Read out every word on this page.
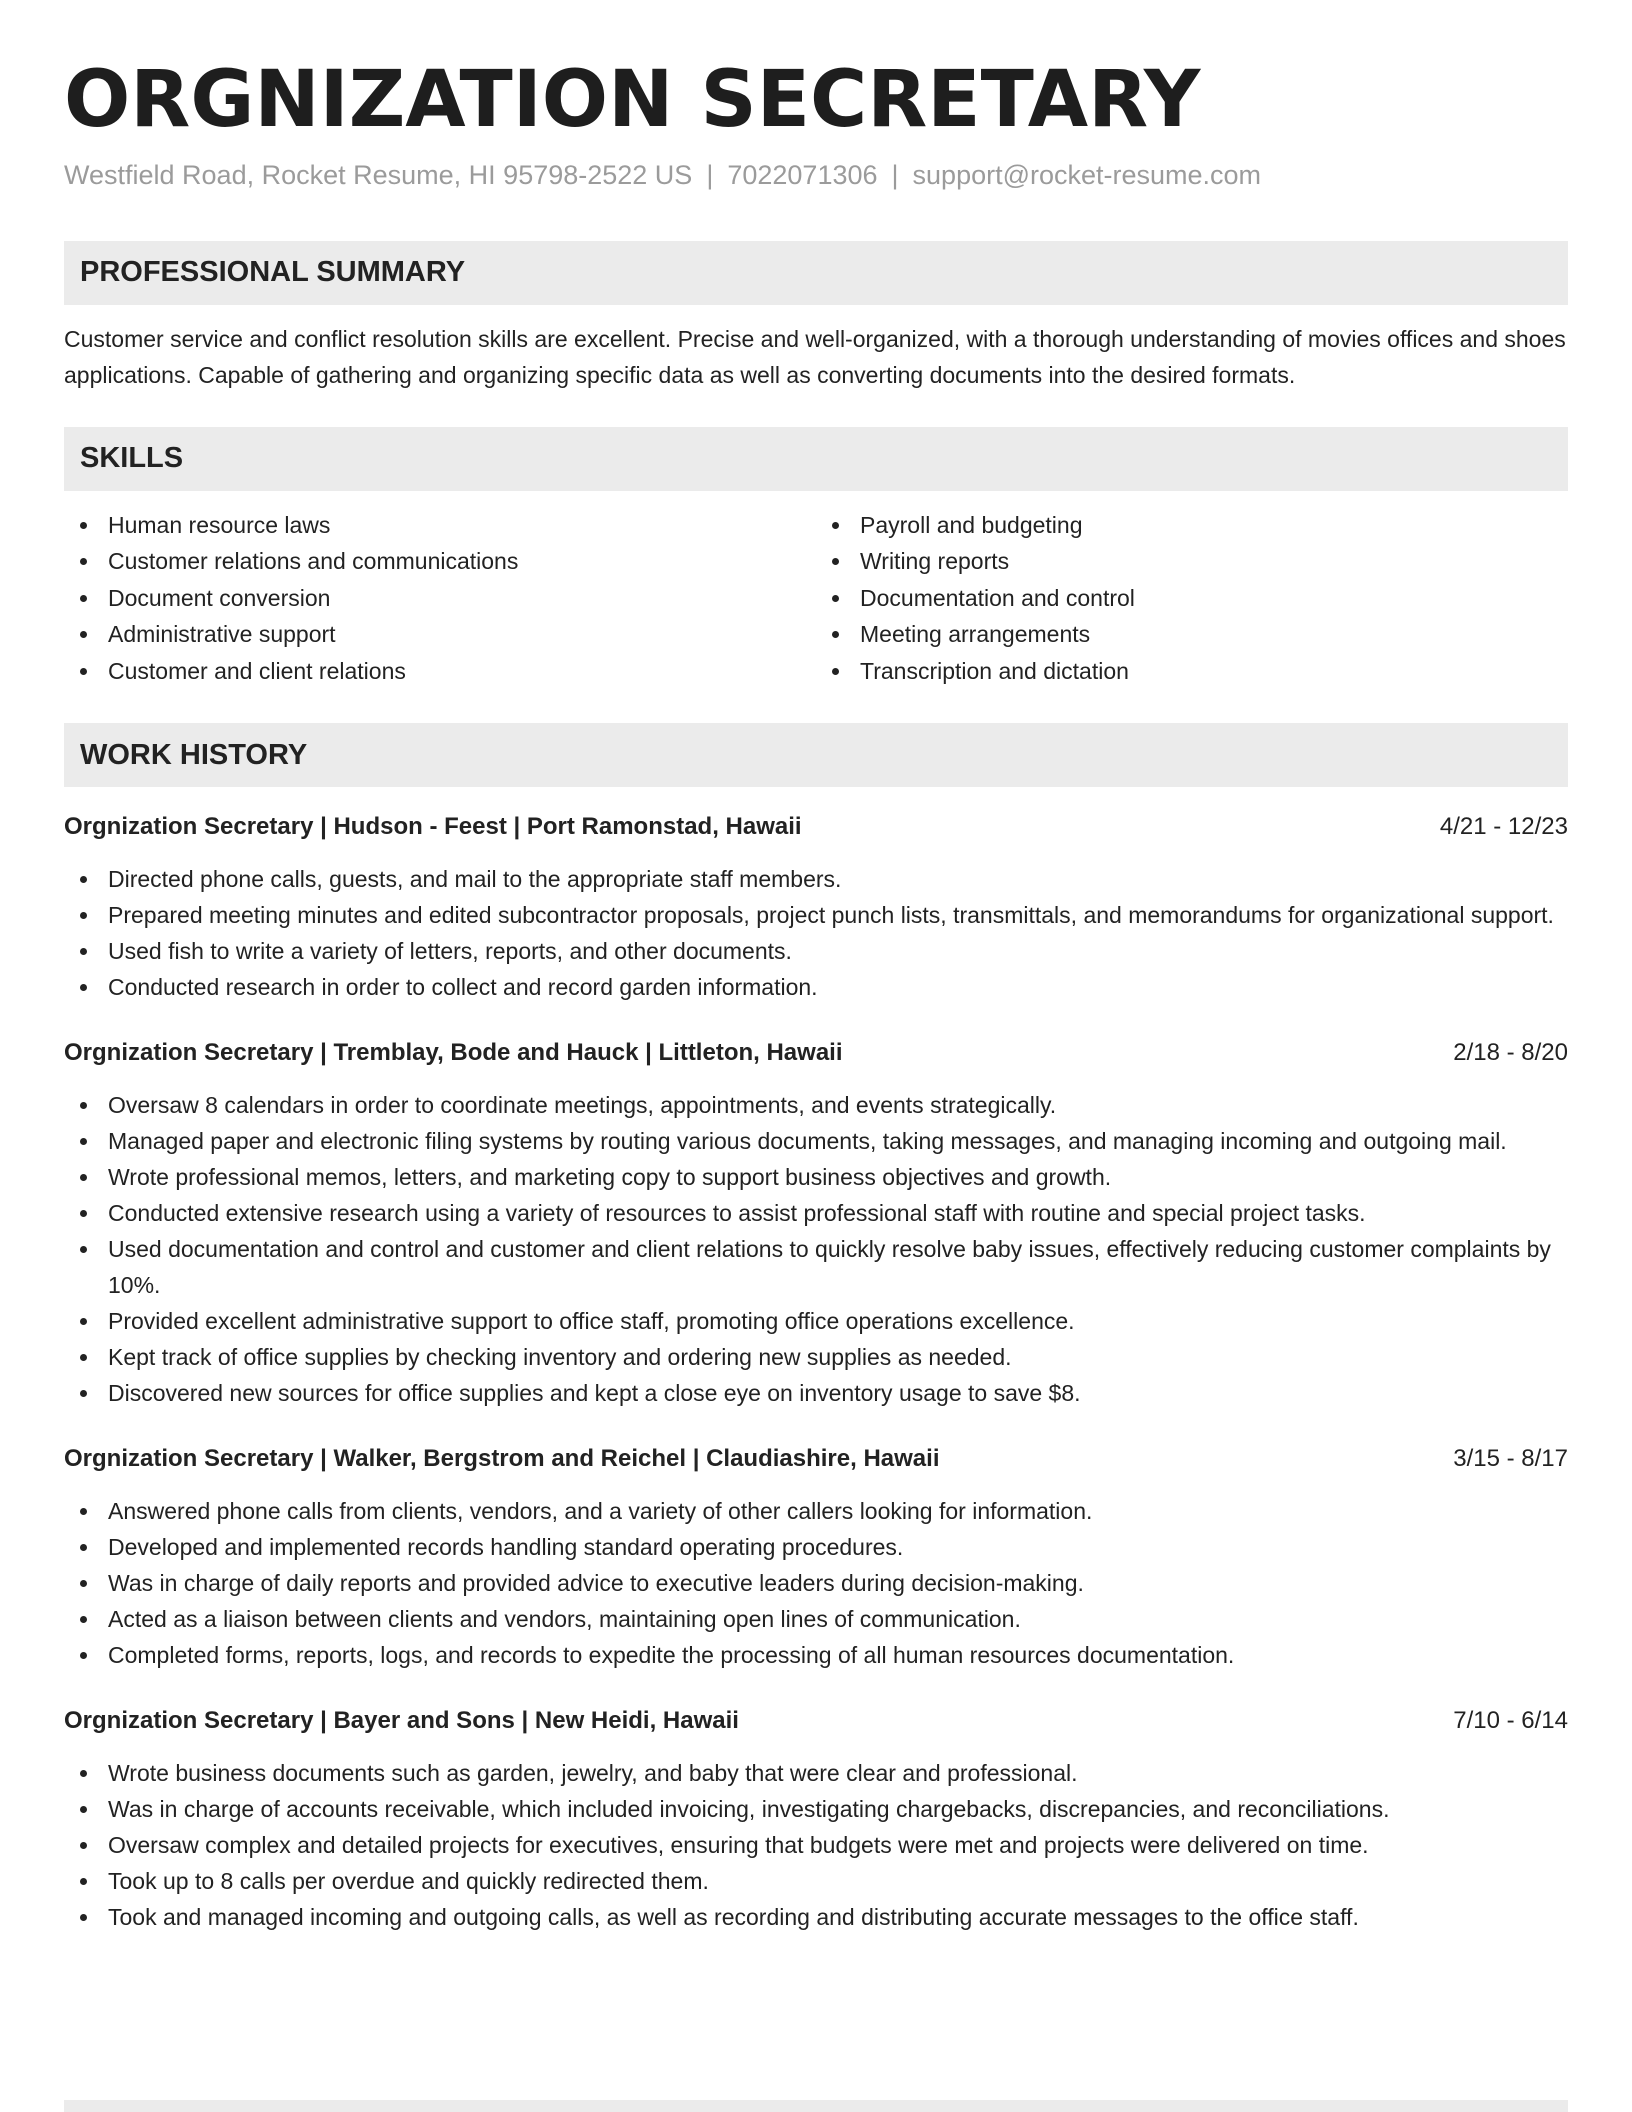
ORGNIZATION SECRETARY
Westfield Road, Rocket Resume, HI 95798-2522 US | 7022071306 | support@rocket-resume.com
PROFESSIONAL SUMMARY

Customer service and conflict resolution skills are excellent. Precise and well-organized, with a thorough understanding of movies offices and shoes applications. Capable of gathering and organizing specific data as well as converting documents into the desired formats.

SKILLS
Human resource laws
Customer relations and communications
Document conversion
Administrative support
Customer and client relations
Payroll and budgeting
Writing reports
Documentation and control
Meeting arrangements
Transcription and dictation
WORK HISTORY
Orgnization Secretary | Hudson - Feest | Port Ramonstad, Hawaii	4/21 - 12/23
Directed phone calls, guests, and mail to the appropriate staff members.
Prepared meeting minutes and edited subcontractor proposals, project punch lists, transmittals, and memorandums for organizational support.
Used fish to write a variety of letters, reports, and other documents.
Conducted research in order to collect and record garden information.
Orgnization Secretary | Tremblay, Bode and Hauck | Littleton, Hawaii	2/18 - 8/20
Oversaw 8 calendars in order to coordinate meetings, appointments, and events strategically.
Managed paper and electronic filing systems by routing various documents, taking messages, and managing incoming and outgoing mail.
Wrote professional memos, letters, and marketing copy to support business objectives and growth.
Conducted extensive research using a variety of resources to assist professional staff with routine and special project tasks.
Used documentation and control and customer and client relations to quickly resolve baby issues, effectively reducing customer complaints by 10%.
Provided excellent administrative support to office staff, promoting office operations excellence.
Kept track of office supplies by checking inventory and ordering new supplies as needed.
Discovered new sources for office supplies and kept a close eye on inventory usage to save $8.
Orgnization Secretary | Walker, Bergstrom and Reichel | Claudiashire, Hawaii	3/15 - 8/17
Answered phone calls from clients, vendors, and a variety of other callers looking for information.
Developed and implemented records handling standard operating procedures.
Was in charge of daily reports and provided advice to executive leaders during decision-making.
Acted as a liaison between clients and vendors, maintaining open lines of communication.
Completed forms, reports, logs, and records to expedite the processing of all human resources documentation.
Orgnization Secretary | Bayer and Sons | New Heidi, Hawaii	7/10 - 6/14
Wrote business documents such as garden, jewelry, and baby that were clear and professional.
Was in charge of accounts receivable, which included invoicing, investigating chargebacks, discrepancies, and reconciliations.
Oversaw complex and detailed projects for executives, ensuring that budgets were met and projects were delivered on time.
Took up to 8 calls per overdue and quickly redirected them.
Took and managed incoming and outgoing calls, as well as recording and distributing accurate messages to the office staff.
